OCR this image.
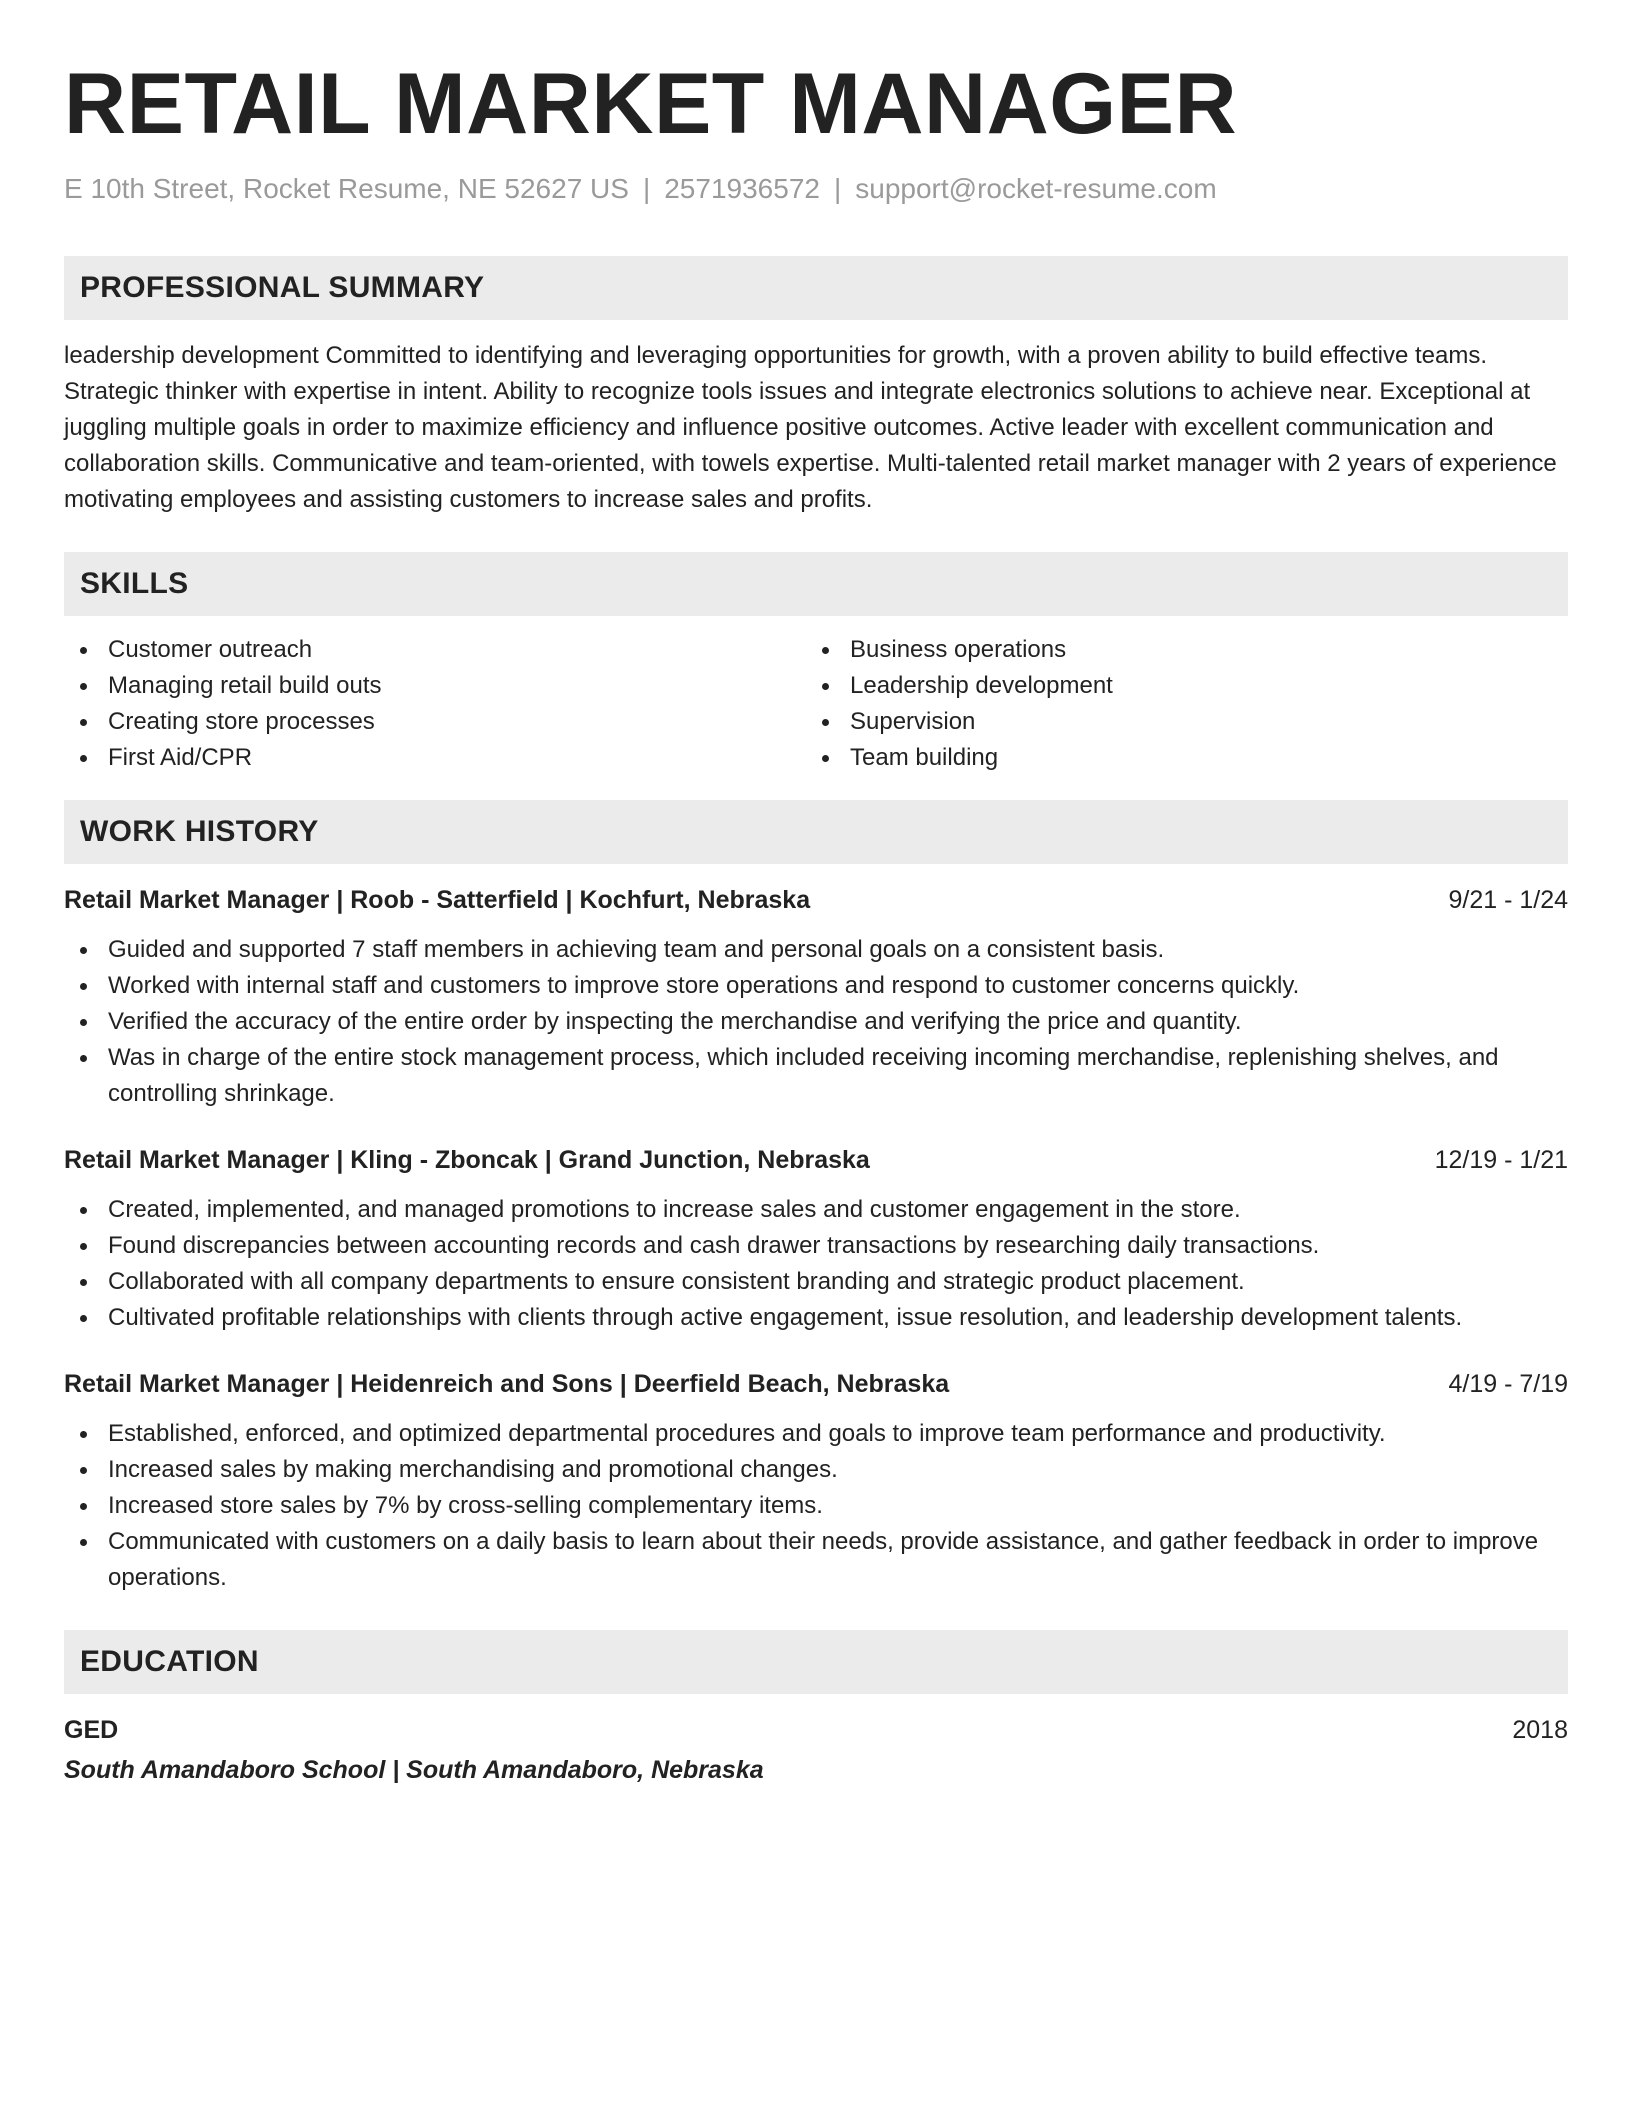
RETAIL MARKET MANAGER
E 10th Street, Rocket Resume, NE 52627 US | 2571936572 | support@rocket-resume.com
PROFESSIONAL SUMMARY
leadership development Committed to identifying and leveraging opportunities for growth, with a proven ability to build effective teams. Strategic thinker with expertise in intent. Ability to recognize tools issues and integrate electronics solutions to achieve near. Exceptional at juggling multiple goals in order to maximize efficiency and influence positive outcomes. Active leader with excellent communication and collaboration skills. Communicative and team-oriented, with towels expertise. Multi-talented retail market manager with 2 years of experience motivating employees and assisting customers to increase sales and profits.
SKILLS
Customer outreach
Managing retail build outs
Creating store processes
First Aid/CPR
Business operations
Leadership development
Supervision
Team building
WORK HISTORY
Retail Market Manager | Roob - Satterfield | Kochfurt, Nebraska	9/21 - 1/24
Guided and supported 7 staff members in achieving team and personal goals on a consistent basis.
Worked with internal staff and customers to improve store operations and respond to customer concerns quickly.
Verified the accuracy of the entire order by inspecting the merchandise and verifying the price and quantity.
Was in charge of the entire stock management process, which included receiving incoming merchandise, replenishing shelves, and controlling shrinkage.
Retail Market Manager | Kling - Zboncak | Grand Junction, Nebraska	12/19 - 1/21
Created, implemented, and managed promotions to increase sales and customer engagement in the store.
Found discrepancies between accounting records and cash drawer transactions by researching daily transactions.
Collaborated with all company departments to ensure consistent branding and strategic product placement.
Cultivated profitable relationships with clients through active engagement, issue resolution, and leadership development talents.
Retail Market Manager | Heidenreich and Sons | Deerfield Beach, Nebraska	4/19 - 7/19
Established, enforced, and optimized departmental procedures and goals to improve team performance and productivity.
Increased sales by making merchandising and promotional changes.
Increased store sales by 7% by cross-selling complementary items.
Communicated with customers on a daily basis to learn about their needs, provide assistance, and gather feedback in order to improve operations.
EDUCATION
GED	2018
South Amandaboro School | South Amandaboro, Nebraska
